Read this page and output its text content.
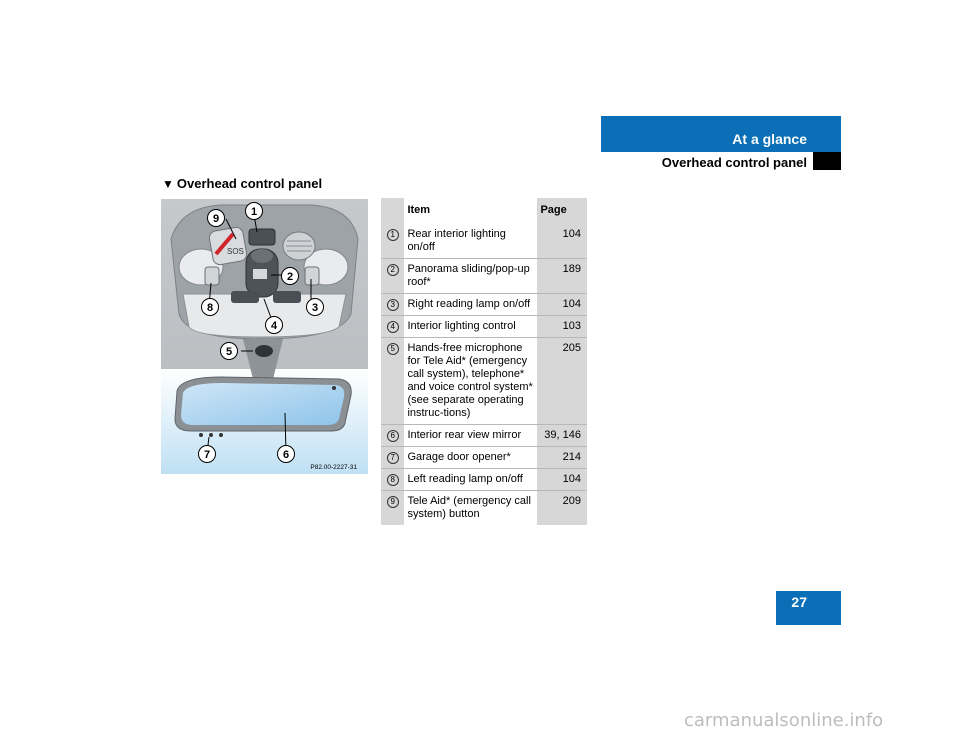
At a glance
Overhead control panel
▼ Overhead control panel
SOS
9
1
2
3
4
5
8
7	6
P82.00-2227-31
	Item	Page
1	Rear interior lighting on/off	104
2	Panorama sliding/pop-up roof*	189
3	Right reading lamp on/off	104
4	Interior lighting control	103
5	Hands-free microphone for Tele Aid* (emergency call system), telephone* and voice control system* (see separate operating instruc-tions)	205
6	Interior rear view mirror	39, 146
7	Garage door opener*	214
8	Left reading lamp on/off	104
9	Tele Aid* (emergency call system) button	209
27
carmanualsonline.info
